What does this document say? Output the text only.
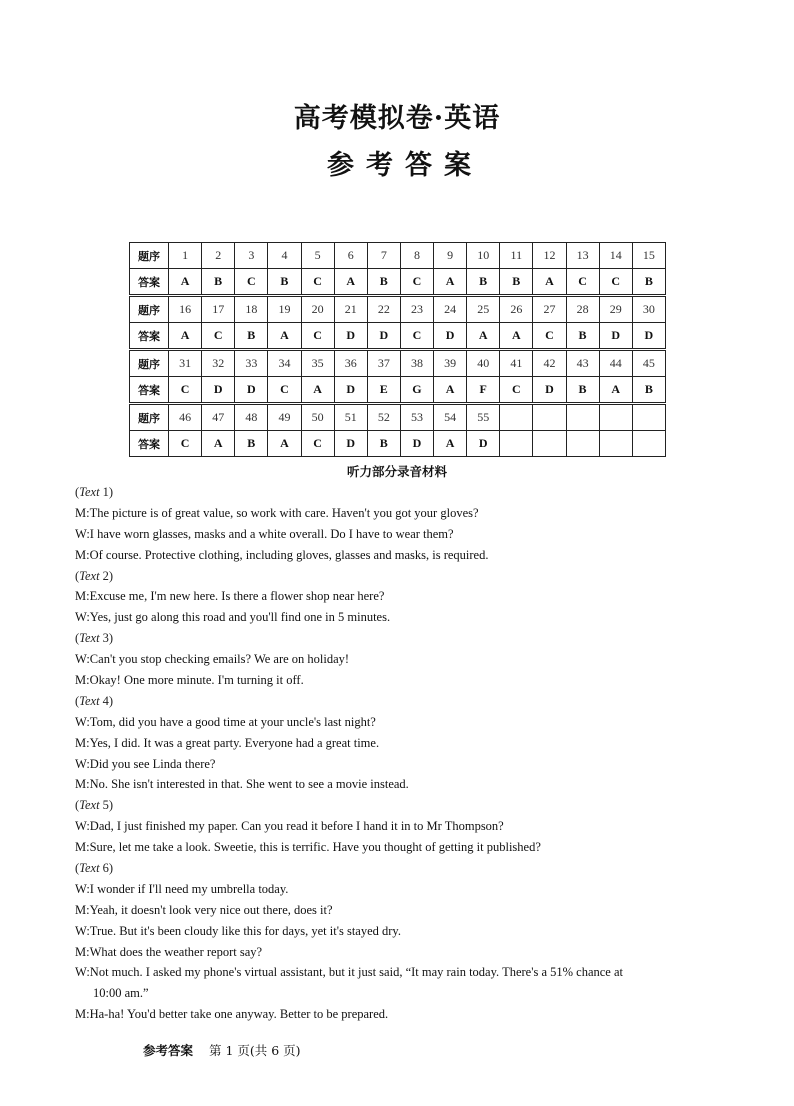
高考模拟卷·英语
参考答案
题序	1	2	3	4	5	6	7	8	9	10	11	12	13	14	15
答案	A	B	C	B	C	A	B	C	A	B	B	A	C	C	B
题序	16	17	18	19	20	21	22	23	24	25	26	27	28	29	30
答案	A	C	B	A	C	D	D	C	D	A	A	C	B	D	D
题序	31	32	33	34	35	36	37	38	39	40	41	42	43	44	45
答案	C	D	D	C	A	D	E	G	A	F	C	D	B	A	B
题序	46	47	48	49	50	51	52	53	54	55					
答案	C	A	B	A	C	D	B	D	A	D					
听力部分录音材料
(Text 1)
M:The picture is of great value, so work with care. Haven't you got your gloves?
W:I have worn glasses, masks and a white overall. Do I have to wear them?
M:Of course. Protective clothing, including gloves, glasses and masks, is required.
(Text 2)
M:Excuse me, I'm new here. Is there a flower shop near here?
W:Yes, just go along this road and you'll find one in 5 minutes.
(Text 3)
W:Can't you stop checking emails? We are on holiday!
M:Okay! One more minute. I'm turning it off.
(Text 4)
W:Tom, did you have a good time at your uncle's last night?
M:Yes, I did. It was a great party. Everyone had a great time.
W:Did you see Linda there?
M:No. She isn't interested in that. She went to see a movie instead.
(Text 5)
W:Dad, I just finished my paper. Can you read it before I hand it in to Mr Thompson?
M:Sure, let me take a look. Sweetie, this is terrific. Have you thought of getting it published?
(Text 6)
W:I wonder if I'll need my umbrella today.
M:Yeah, it doesn't look very nice out there, does it?
W:True. But it's been cloudy like this for days, yet it's stayed dry.
M:What does the weather report say?
W:Not much. I asked my phone's virtual assistant, but it just said, “It may rain today. There's a 51% chance at
10:00 am.”
M:Ha-ha! You'd better take one anyway. Better to be prepared.
参考答案 第 1 页(共 6 页)
